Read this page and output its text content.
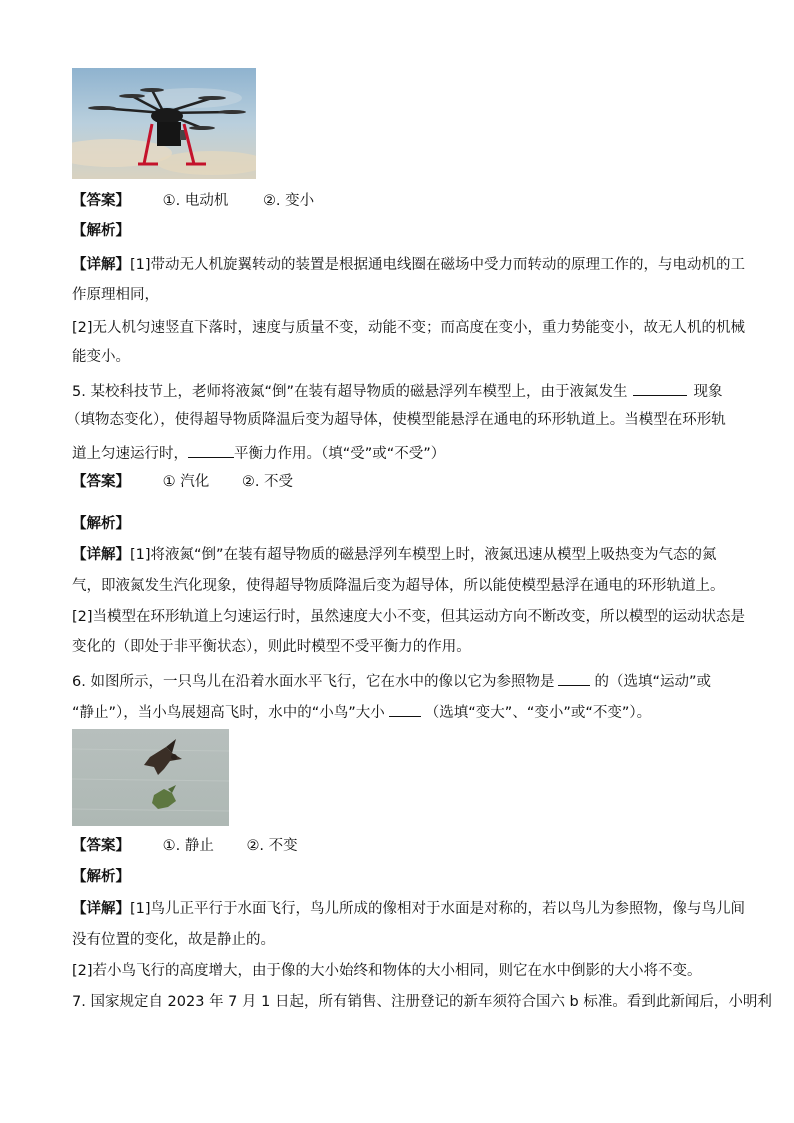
【答案】 ①. 电动机 ②. 变小
【解析】
【详解】[1]带动无人机旋翼转动的装置是根据通电线圈在磁场中受力而转动的原理工作的，与电动机的工
作原理相同，
[2]无人机匀速竖直下落时，速度与质量不变，动能不变；而高度在变小，重力势能变小，故无人机的机械
能变小。
5. 某校科技节上，老师将液氮“倒”在装有超导物质的磁悬浮列车模型上，由于液氮发生	现象
（填物态变化），使得超导物质降温后变为超导体，使模型能悬浮在通电的环形轨道上。当模型在环形轨
道上匀速运行时，	平衡力作用。（填“受”或“不受”）
【答案】 ① 汽化 ②. 不受
【解析】
【详解】[1]将液氮“倒”在装有超导物质的磁悬浮列车模型上时，液氮迅速从模型上吸热变为气态的氮
气，即液氮发生汽化现象，使得超导物质降温后变为超导体，所以能使模型悬浮在通电的环形轨道上。
[2]当模型在环形轨道上匀速运行时，虽然速度大小不变，但其运动方向不断改变，所以模型的运动状态是
变化的（即处于非平衡状态），则此时模型不受平衡力的作用。
6. 如图所示，一只鸟儿在沿着水面水平飞行，它在水中的像以它为参照物是	的（选填“运动”或
“静止”），当小鸟展翅高飞时，水中的“小鸟”大小	（选填“变大”、“变小”或“不变”）。
【答案】 ①. 静止 ②. 不变
【解析】
【详解】[1]鸟儿正平行于水面飞行，鸟儿所成的像相对于水面是对称的，若以鸟儿为参照物，像与鸟儿间
没有位置的变化，故是静止的。
[2]若小鸟飞行的高度增大，由于像的大小始终和物体的大小相同，则它在水中倒影的大小将不变。
7. 国家规定自 2023 年 7 月 1 日起，所有销售、注册登记的新车须符合国六 b 标准。看到此新闻后，小明利
